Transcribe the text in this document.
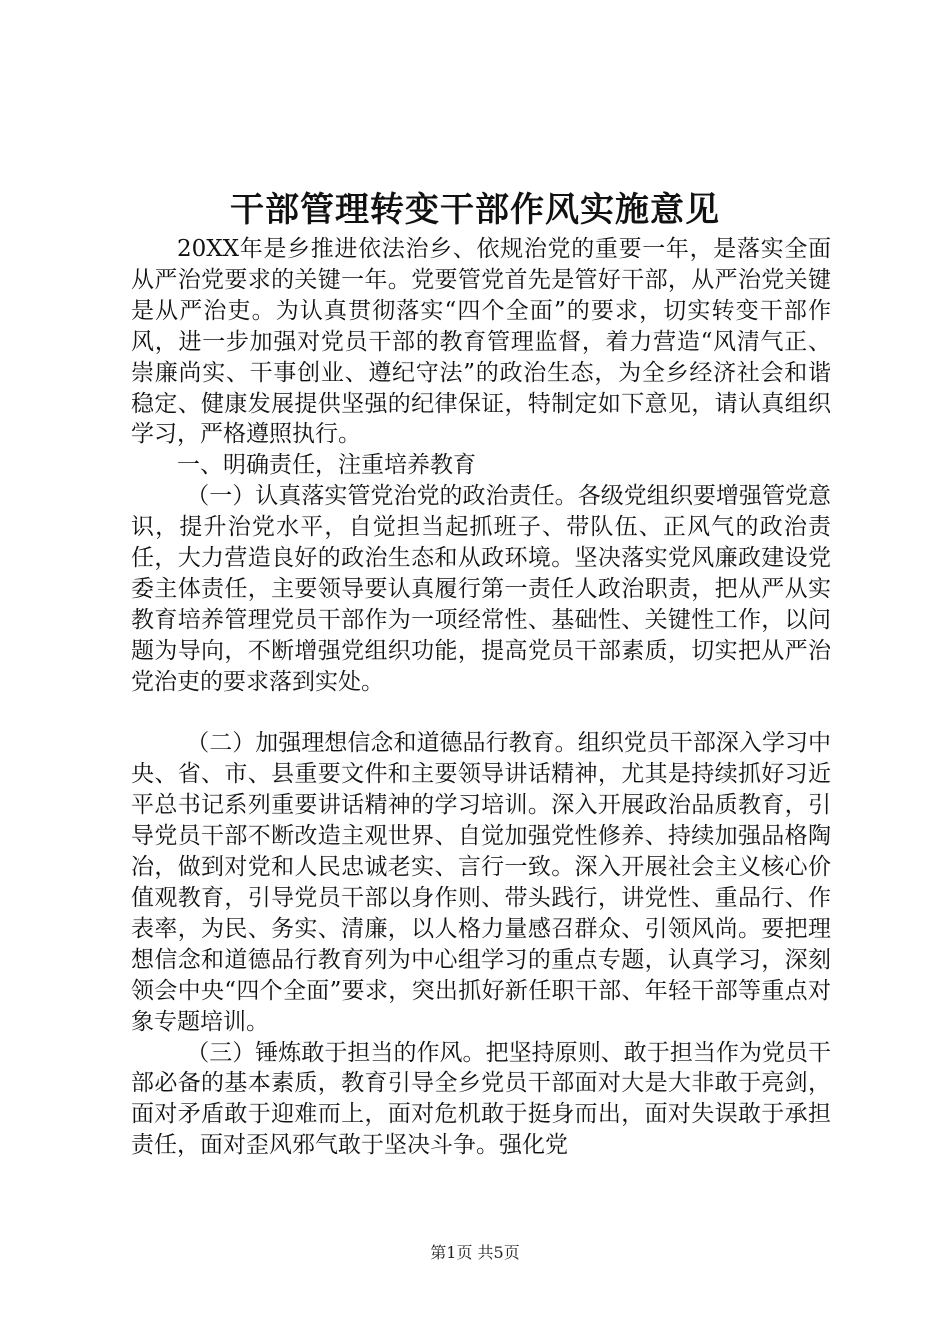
干部管理转变干部作风实施意见

20XX年是乡推进依法治乡、依规治党的重要一年，是落实全面从严治党要求的关键一年。党要管党首先是管好干部，从严治党关键是从严治吏。为认真贯彻落实“四个全面”的要求，切实转变干部作风，进一步加强对党员干部的教育管理监督，着力营造“风清气正、崇廉尚实、干事创业、遵纪守法”的政治生态，为全乡经济社会和谐稳定、健康发展提供坚强的纪律保证，特制定如下意见，请认真组织学习，严格遵照执行。

一、明确责任，注重培养教育

（一）认真落实管党治党的政治责任。各级党组织要增强管党意识，提升治党水平，自觉担当起抓班子、带队伍、正风气的政治责任，大力营造良好的政治生态和从政环境。坚决落实党风廉政建设党委主体责任，主要领导要认真履行第一责任人政治职责，把从严从实教育培养管理党员干部作为一项经常性、基础性、关键性工作，以问题为导向，不断增强党组织功能，提高党员干部素质，切实把从严治党治吏的要求落到实处。

（二）加强理想信念和道德品行教育。组织党员干部深入学习中央、省、市、县重要文件和主要领导讲话精神，尤其是持续抓好习近平总书记系列重要讲话精神的学习培训。深入开展政治品质教育，引导党员干部不断改造主观世界、自觉加强党性修养、持续加强品格陶冶，做到对党和人民忠诚老实、言行一致。深入开展社会主义核心价值观教育，引导党员干部以身作则、带头践行，讲党性、重品行、作表率，为民、务实、清廉，以人格力量感召群众、引领风尚。要把理想信念和道德品行教育列为中心组学习的重点专题，认真学习，深刻领会中央“四个全面”要求，突出抓好新任职干部、年轻干部等重点对象专题培训。

（三）锤炼敢于担当的作风。把坚持原则、敢于担当作为党员干部必备的基本素质，教育引导全乡党员干部面对大是大非敢于亮剑，面对矛盾敢于迎难而上，面对危机敢于挺身而出，面对失误敢于承担责任，面对歪风邪气敢于坚决斗争。强化党

第1页 共5页
